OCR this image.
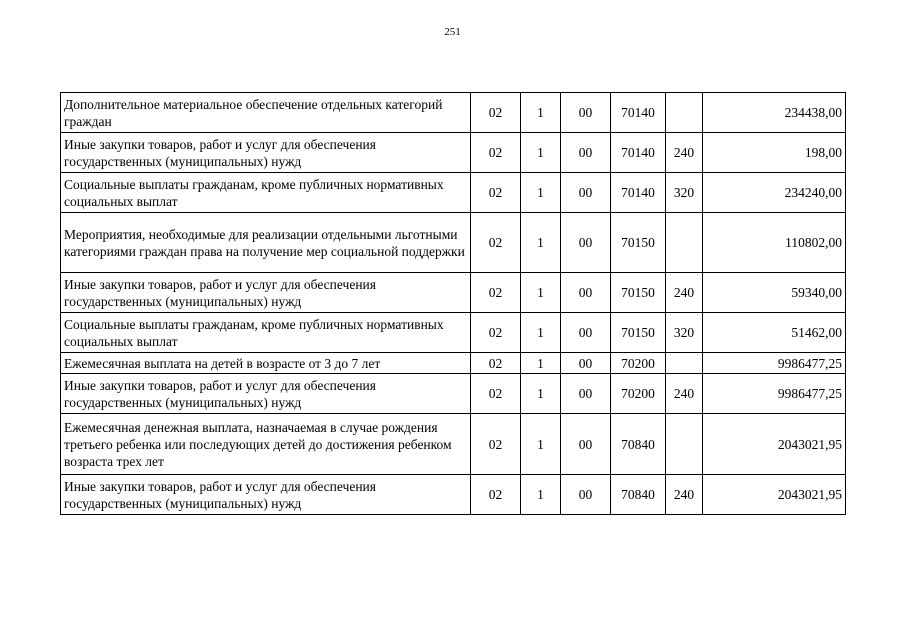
251
Дополнительное материальное обеспечение отдельных категорий граждан	02	1	00	70140		234438,00
Иные закупки товаров, работ и услуг для обеспечения государственных (муниципальных) нужд	02	1	00	70140	240	198,00
Социальные выплаты гражданам, кроме публичных нормативных социальных выплат	02	1	00	70140	320	234240,00
Мероприятия, необходимые для реализации отдельными льготными категориями граждан права на получение мер социальной поддержки	02	1	00	70150		110802,00
Иные закупки товаров, работ и услуг для обеспечения государственных (муниципальных) нужд	02	1	00	70150	240	59340,00
Социальные выплаты гражданам, кроме публичных нормативных социальных выплат	02	1	00	70150	320	51462,00
Ежемесячная выплата на детей в возрасте от 3 до 7 лет	02	1	00	70200		9986477,25
Иные закупки товаров, работ и услуг для обеспечения государственных (муниципальных) нужд	02	1	00	70200	240	9986477,25
Ежемесячная денежная выплата, назначаемая в случае рождения третьего ребенка или последующих детей до достижения ребенком возраста трех лет	02	1	00	70840		2043021,95
Иные закупки товаров, работ и услуг для обеспечения государственных (муниципальных) нужд	02	1	00	70840	240	2043021,95
